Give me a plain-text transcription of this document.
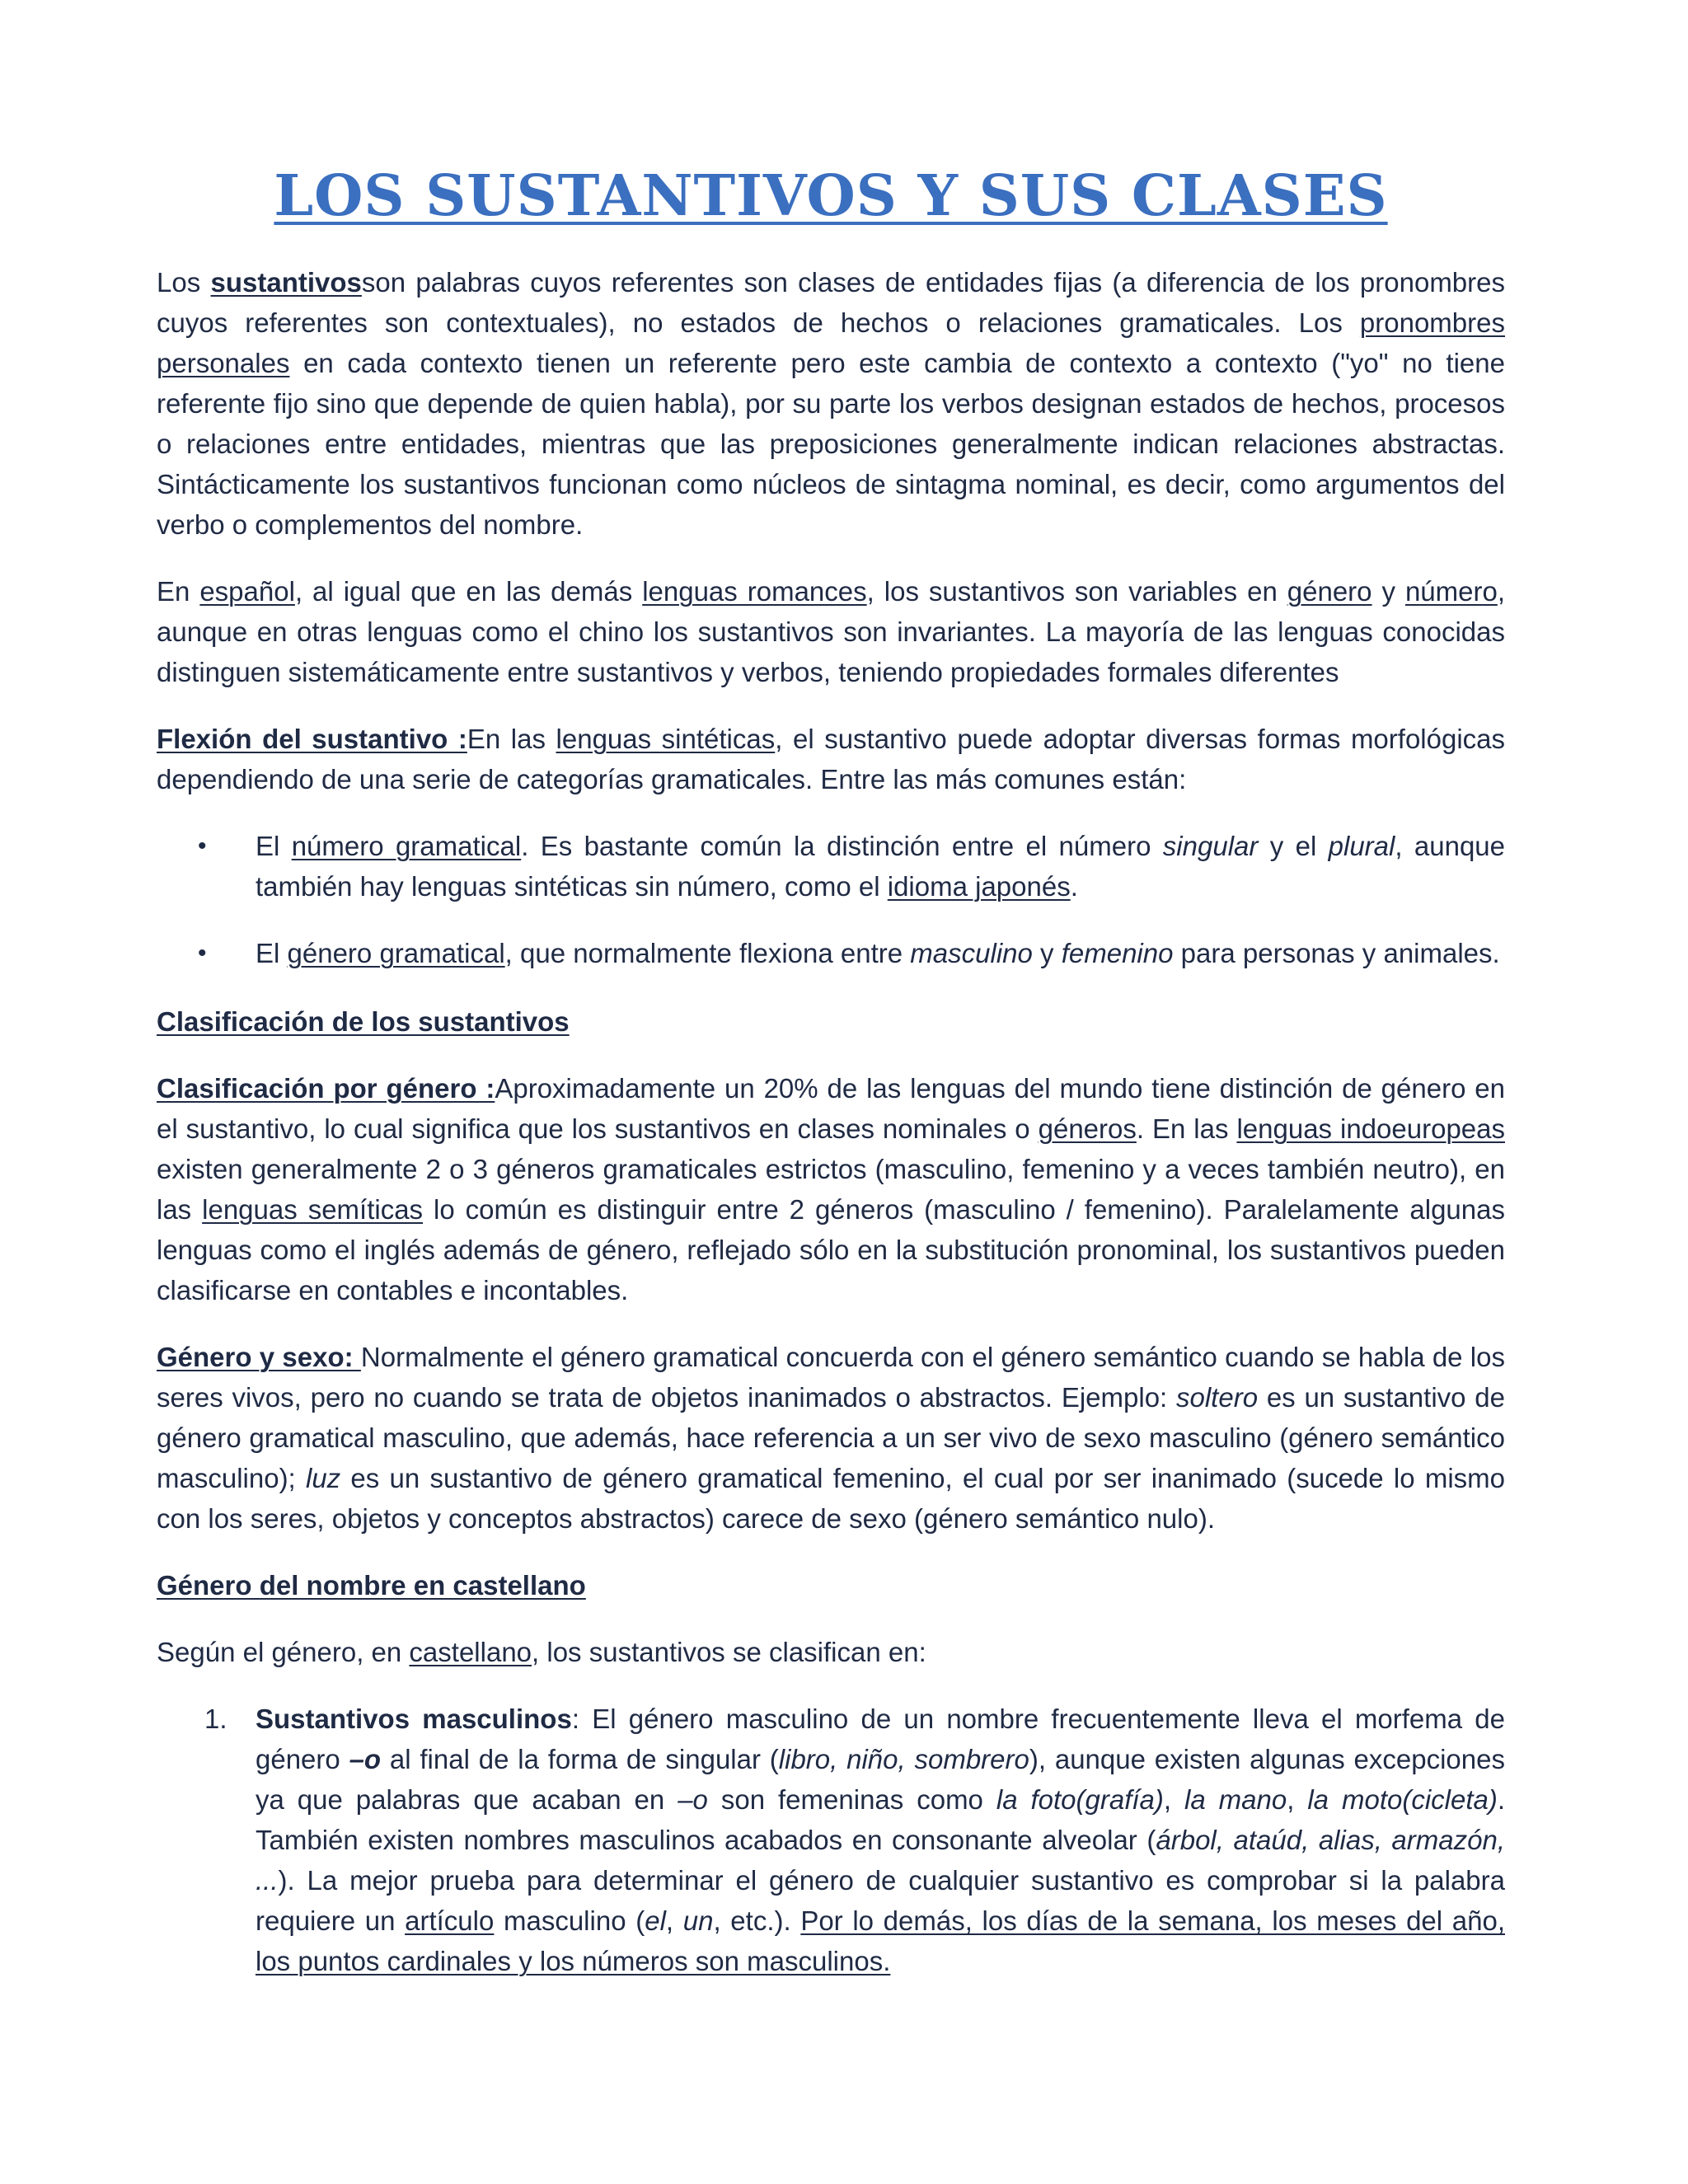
LOS SUSTANTIVOS Y SUS CLASES

Los sustantivosson palabras cuyos referentes son clases de entidades fijas (a diferencia de los pronombres cuyos referentes son contextuales), no estados de hechos o relaciones gramaticales. Los pronombres personales en cada contexto tienen un referente pero este cambia de contexto a contexto ("yo" no tiene referente fijo sino que depende de quien habla), por su parte los verbos designan estados de hechos, procesos o relaciones entre entidades, mientras que las preposiciones generalmente indican relaciones abstractas. Sintácticamente los sustantivos funcionan como núcleos de sintagma nominal, es decir, como argumentos del verbo o complementos del nombre.

En español, al igual que en las demás lenguas romances, los sustantivos son variables en género y número, aunque en otras lenguas como el chino los sustantivos son invariantes. La mayoría de las lenguas conocidas distinguen sistemáticamente entre sustantivos y verbos, teniendo propiedades formales diferentes

Flexión del sustantivo :En las lenguas sintéticas, el sustantivo puede adoptar diversas formas morfológicas dependiendo de una serie de categorías gramaticales. Entre las más comunes están:

• El número gramatical. Es bastante común la distinción entre el número singular y el plural, aunque también hay lenguas sintéticas sin número, como el idioma japonés.
• El género gramatical, que normalmente flexiona entre masculino y femenino para personas y animales.
Clasificación de los sustantivos

Clasificación por género :Aproximadamente un 20% de las lenguas del mundo tiene distinción de género en el sustantivo, lo cual significa que los sustantivos en clases nominales o géneros. En las lenguas indoeuropeas existen generalmente 2 o 3 géneros gramaticales estrictos (masculino, femenino y a veces también neutro), en las lenguas semíticas lo común es distinguir entre 2 géneros (masculino / femenino). Paralelamente algunas lenguas como el inglés además de género, reflejado sólo en la substitución pronominal, los sustantivos pueden clasificarse en contables e incontables.

Género y sexo: Normalmente el género gramatical concuerda con el género semántico cuando se habla de los seres vivos, pero no cuando se trata de objetos inanimados o abstractos. Ejemplo: soltero es un sustantivo de género gramatical masculino, que además, hace referencia a un ser vivo de sexo masculino (género semántico masculino); luz es un sustantivo de género gramatical femenino, el cual por ser inanimado (sucede lo mismo con los seres, objetos y conceptos abstractos) carece de sexo (género semántico nulo).

Género del nombre en castellano

Según el género, en castellano, los sustantivos se clasifican en:

1. Sustantivos masculinos: El género masculino de un nombre frecuentemente lleva el morfema de género –o al final de la forma de singular (libro, niño, sombrero), aunque existen algunas excepciones ya que palabras que acaban en –o son femeninas como la foto(grafía), la mano, la moto(cicleta). También existen nombres masculinos acabados en consonante alveolar (árbol, ataúd, alias, armazón, ...). La mejor prueba para determinar el género de cualquier sustantivo es comprobar si la palabra requiere un artículo masculino (el, un, etc.). Por lo demás, los días de la semana, los meses del año, los puntos cardinales y los números son masculinos.
